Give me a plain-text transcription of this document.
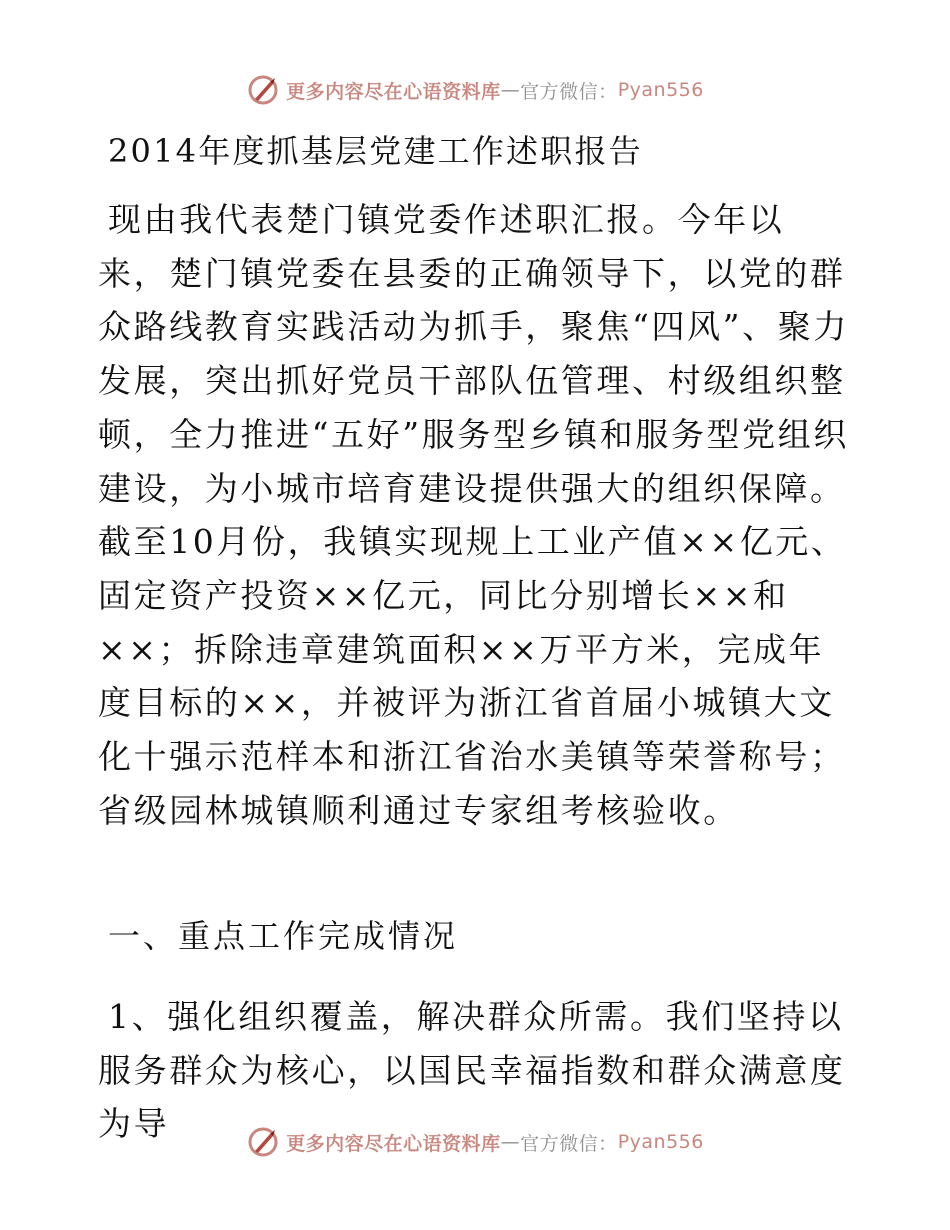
更多内容尽在心语资料库 — 官方微信： Pyan556
2014年度抓基层党建工作述职报告

现由我代表楚门镇党委作述职汇报。今年以来，楚门镇党委在县委的正确领导下，以党的群众路线教育实践活动为抓手，聚焦“四风”、聚力发展，突出抓好党员干部队伍管理、村级组织整顿，全力推进“五好”服务型乡镇和服务型党组织建设，为小城市培育建设提供强大的组织保障。截至10月份，我镇实现规上工业产值××亿元、固定资产投资××亿元，同比分别增长××和××；拆除违章建筑面积××万平方米，完成年度目标的××，并被评为浙江省首届小城镇大文化十强示范样本和浙江省治水美镇等荣誉称号；省级园林城镇顺利通过专家组考核验收。

一、重点工作完成情况

1、强化组织覆盖，解决群众所需。我们坚持以服务群众为核心，以国民幸福指数和群众满意度为导

更多内容尽在心语资料库 — 官方微信： Pyan556
